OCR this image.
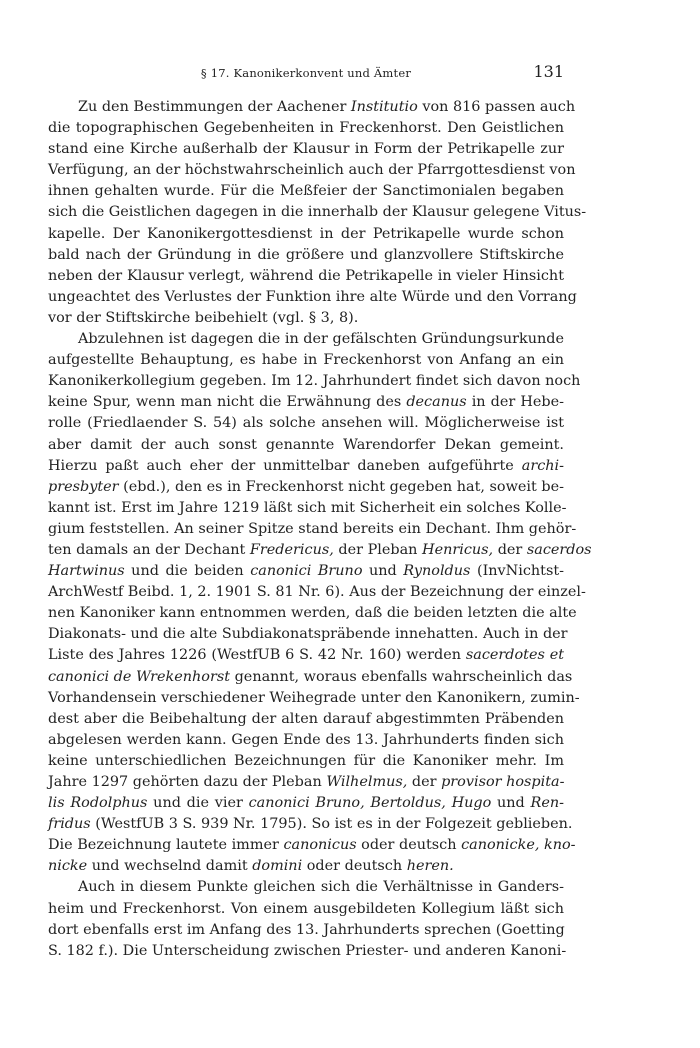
§ 17. Kanonikerkonvent und Ämter	131
Zu den Bestimmungen der Aachener Institutio von 816 passen auch
die topographischen Gegebenheiten in Freckenhorst. Den Geistlichen
stand eine Kirche außerhalb der Klausur in Form der Petrikapelle zur
Verfügung, an der höchstwahrscheinlich auch der Pfarrgottesdienst von
ihnen gehalten wurde. Für die Meßfeier der Sanctimonialen begaben
sich die Geistlichen dagegen in die innerhalb der Klausur gelegene Vitus-
kapelle. Der Kanonikergottesdienst in der Petrikapelle wurde schon
bald nach der Gründung in die größere und glanzvollere Stiftskirche
neben der Klausur verlegt, während die Petrikapelle in vieler Hinsicht
ungeachtet des Verlustes der Funktion ihre alte Würde und den Vorrang
vor der Stiftskirche beibehielt (vgl. § 3, 8).
Abzulehnen ist dagegen die in der gefälschten Gründungsurkunde
aufgestellte Behauptung, es habe in Freckenhorst von Anfang an ein
Kanonikerkollegium gegeben. Im 12. Jahrhundert findet sich davon noch
keine Spur, wenn man nicht die Erwähnung des decanus in der Hebe-
rolle (Friedlaender S. 54) als solche ansehen will. Möglicherweise ist
aber damit der auch sonst genannte Warendorfer Dekan gemeint.
Hierzu paßt auch eher der unmittelbar daneben aufgeführte archi-
presbyter (ebd.), den es in Freckenhorst nicht gegeben hat, soweit be-
kannt ist. Erst im Jahre 1219 läßt sich mit Sicherheit ein solches Kolle-
gium feststellen. An seiner Spitze stand bereits ein Dechant. Ihm gehör-
ten damals an der Dechant Fredericus, der Pleban Henricus, der sacerdos
Hartwinus und die beiden canonici Bruno und Rynoldus (InvNichtst-
ArchWestf Beibd. 1, 2. 1901 S. 81 Nr. 6). Aus der Bezeichnung der einzel-
nen Kanoniker kann entnommen werden, daß die beiden letzten die alte
Diakonats- und die alte Subdiakonatspräbende innehatten. Auch in der
Liste des Jahres 1226 (WestfUB 6 S. 42 Nr. 160) werden sacerdotes et
canonici de Wrekenhorst genannt, woraus ebenfalls wahrscheinlich das
Vorhandensein verschiedener Weihegrade unter den Kanonikern, zumin-
dest aber die Beibehaltung der alten darauf abgestimmten Präbenden
abgelesen werden kann. Gegen Ende des 13. Jahrhunderts finden sich
keine unterschiedlichen Bezeichnungen für die Kanoniker mehr. Im
Jahre 1297 gehörten dazu der Pleban Wilhelmus, der provisor hospita-
lis Rodolphus und die vier canonici Bruno, Bertoldus, Hugo und Ren-
fridus (WestfUB 3 S. 939 Nr. 1795). So ist es in der Folgezeit geblieben.
Die Bezeichnung lautete immer canonicus oder deutsch canonicke, kno-
nicke und wechselnd damit domini oder deutsch heren.
Auch in diesem Punkte gleichen sich die Verhältnisse in Ganders-
heim und Freckenhorst. Von einem ausgebildeten Kollegium läßt sich
dort ebenfalls erst im Anfang des 13. Jahrhunderts sprechen (Goetting
S. 182 f.). Die Unterscheidung zwischen Priester- und anderen Kanoni-
